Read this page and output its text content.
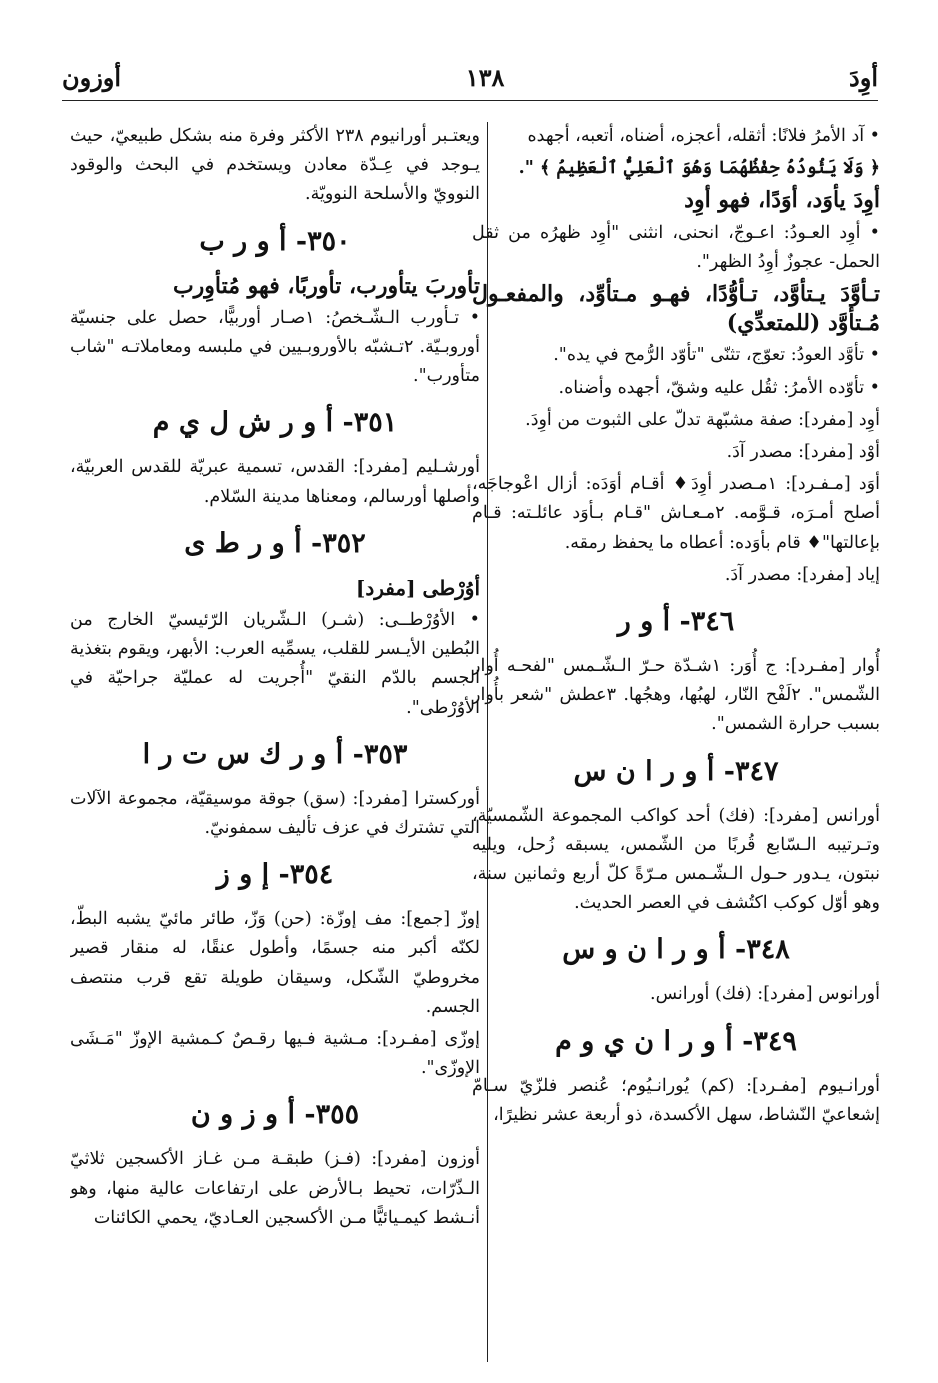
أوِدَ
١٣٨
أوزون
• آد الأمرُ فلانًا: أثقله، أعجزه، أضناه، أتعبه، أجهده
﴿ وَلَا يَئُودُهُ حِفْظُهُمَا وَهُوَ ٱلْعَلِيُّ ٱلْعَظِيمُ ﴾ ".
أوِدَ يأوَد، أوَدًا، فهو أوِد
• أوِد العـودُ: اعـوجّ، انحنى، انثنى "أوِد ظهرُه من ثقل الحمل- عجوزٌ أوِدُ الظهر".
تـأوَّدَ يـتأوَّد، تـأوُّدًا، فهـو مـتأوِّد، والمفعـول مُـتأوَّد (للمتعدِّي)
• تأوَّد العودُ: تعوّج، تثنّى "تأوّد الرُّمح في يده".
• تأوّده الأمرُ: ثقُل عليه وشقّ، أجهده وأضناه.
أوِد [مفرد]: صفة مشبّهة تدلّ على الثبوت من أوِدَ.
أوْد [مفرد]: مصدر آدَ.
أوَد [مـفـرد]: ١مـصدر أوِدَ♦ أقـام أوَدَه: أزال اعْوجاجَه، أصلح أمـرَه، قـوَّمه. ٢مـعـاش "قـام بـأوَد عائلـته: قـام بإعالتها"♦ قام بأوَده: أعطاه ما يحفظ رمقه.
إياد [مفرد]: مصدر آدَ.
٣٤٦- أ و ر
أُوار [مفـرد]: ج أُوَر: ١شـدّة حـرّ الـشّـمس "لفحـه أُوار الشّمس". ٢لَفْح النّار، لهبُها، وهجُها. ٣عطش "شعر بأُوار بسبب حرارة الشمس".
٣٤٧- أ و ر ا ن س
أورانس [مفرد]: (فك) أحد كواكب المجموعة الشّمسيّة، وتـرتيبه الـسّابع قُربًا من الشّمس، يسبقه زُحل، ويليه نبتون، يـدور حـول الـشّـمس مـرّةً كلّ أربع وثمانين سنة، وهو أوّل كوكب اكتُشف في العصر الحديث.
٣٤٨- أ و ر ا ن و س
أورانوس [مفرد]: (فك) أورانس.
٣٤٩- أ و ر ا ن ي و م
أورانـيوم [مفـرد]: (كم) يُورانـيُوم؛ عُنصر فلزّيّ سـامّ إشعاعيّ النّشاط، سهل الأكسدة، ذو أربعة عشر نظيرًا،
ويعتـبر أورانيوم ٢٣٨ الأكثر وفرة منه بشكل طبيعيّ، حيث يـوجد في عِـدّة معادن ويستخدم في البحث والوقود النوويّ والأسلحة النوويّة.
٣٥٠- أ و ر ب
تأوربَ يتأورب، تأوربًا، فهو مُتأوِرب
• تـأورب الـشّـخصُ: ١صـار أوربيًّا، حصل على جنسيّة أوروبـيّة. ٢تـشبّه بالأوروبـيين في ملبسه ومعاملاتـه "شاب متأورب".
٣٥١- أ و ر ش ل ي م
أورشـليم [مفرد]: القدس، تسمية عبريّة للقدس العربيّة، وأصلها أورسالم، ومعناها مدينة السّلام.
٣٥٢- أ و ر ط ى
أوُرْطى [مفرد]
• الأوُرْطــى: (شـر) الـشّريان الرّئيسيّ الخارج من البُطين الأيـسر للقلب، يسمِّيه العرب: الأبهر، ويقوم بتغذية الجسم بالدّم النقيّ "أُجريت له عمليّة جراحيّة في الأوُرْطى".
٣٥٣- أ و ر ك س ت ر ا
أوركسترا [مفرد]: (سق) جوقة موسيقيّة، مجموعة الآلات التي تشترك في عزف تأليف سمفونيّ.
٣٥٤- إ و ز
إوزّ [جمع]: مف إوزّة: (حن) وَزّ، طائر مائيّ يشبه البطّ، لكنّه أكبر منه جسمًا، وأطول عنقًا، له منقار قصير مخروطيّ الشّكل، وسيقان طويلة تقع قرب منتصف الجسم.
إوزّى [مفـرد]: مـشية فـيها رقـصٌ كـمشية الإوزّ "مَـشَى الإوزّى".
٣٥٥- أ و ز و ن
أوزون [مفرد]: (فـز) طبقـة مـن غـاز الأكسجين ثلاثيّ الـذّرّات، تحيط بـالأرض على ارتفاعات عالية منها، وهو أنـشط كيمـيائيًّا مـن الأكسجين العـاديّ، يحمي الكائنات
